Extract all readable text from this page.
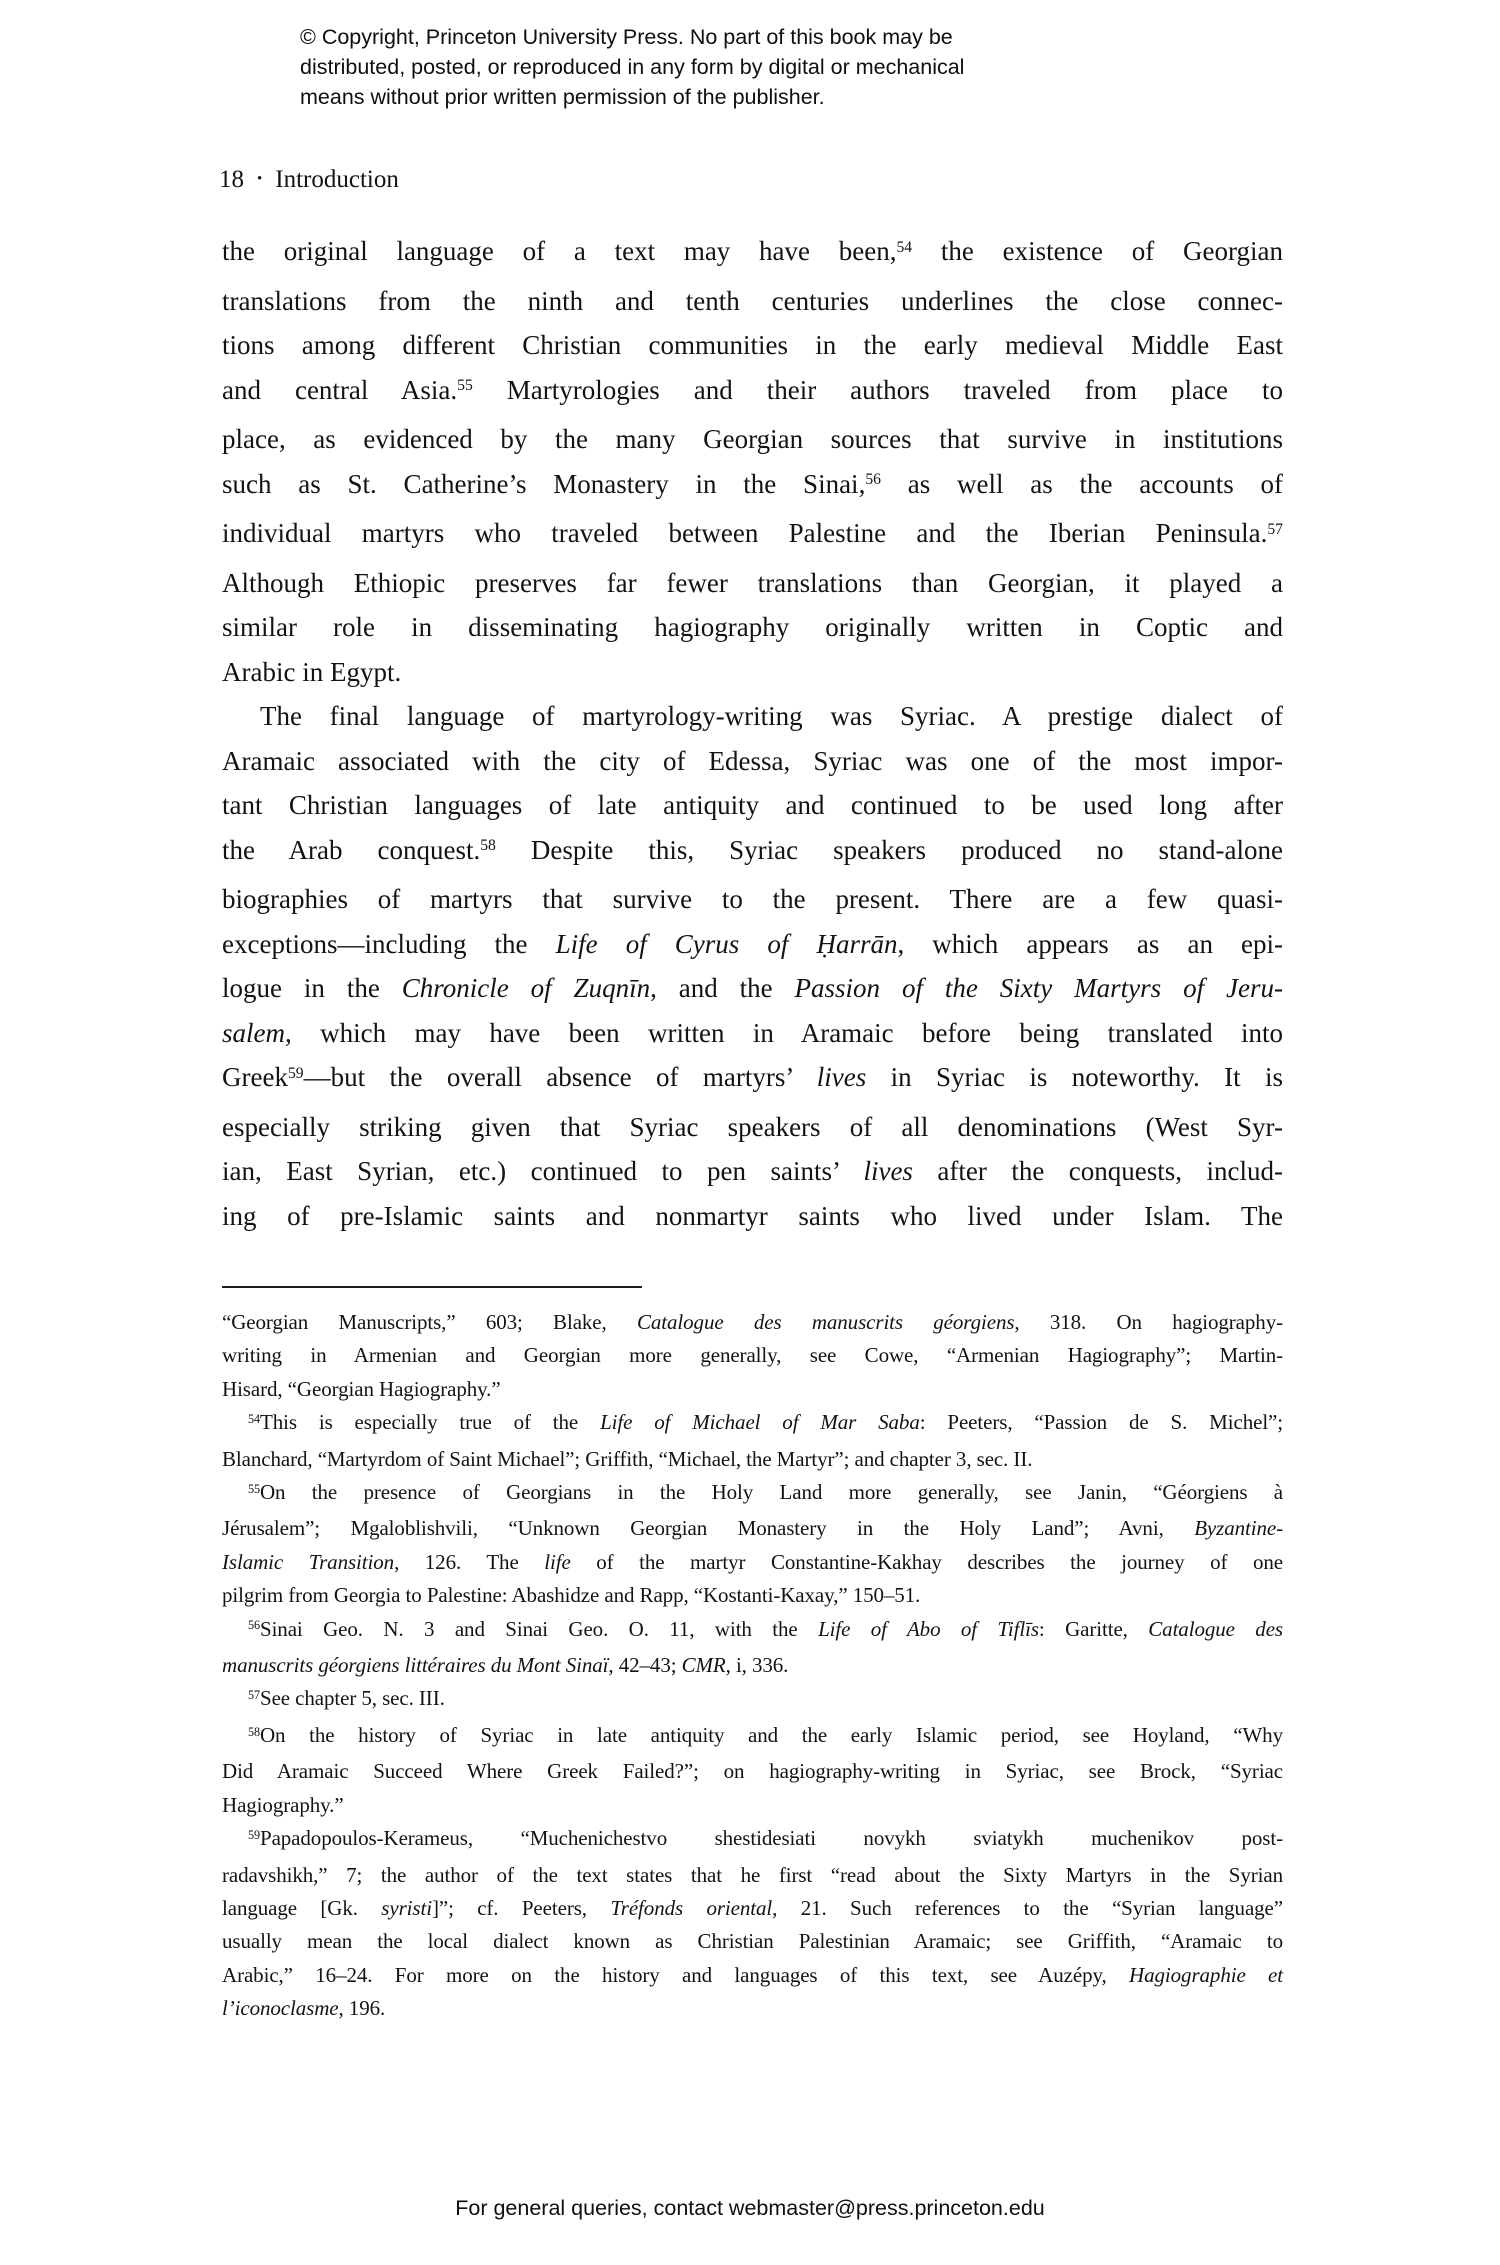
© Copyright, Princeton University Press. No part of this book may be
distributed, posted, or reproduced in any form by digital or mechanical
means without prior written permission of the publisher.
18 • Introduction
the original language of a text may have been,$^{54}$ the existence of Georgian
translations from the ninth and tenth centuries underlines the close connec-
tions among different Christian communities in the early medieval Middle East
and central Asia.$^{55}$ Martyrologies and their authors traveled from place to
place, as evidenced by the many Georgian sources that survive in institutions
such as St. Catherine’s Monastery in the Sinai,$^{56}$ as well as the accounts of
individual martyrs who traveled between Palestine and the Iberian Peninsula.$^{57}$
Although Ethiopic preserves far fewer translations than Georgian, it played a
similar role in disseminating hagiography originally written in Coptic and
Arabic in Egypt.
The final language of martyrology-writing was Syriac. A prestige dialect of
Aramaic associated with the city of Edessa, Syriac was one of the most impor-
tant Christian languages of late antiquity and continued to be used long after
the Arab conquest.$^{58}$ Despite this, Syriac speakers produced no stand-alone
biographies of martyrs that survive to the present. There are a few quasi-
exceptions—including the Life of Cyrus of Ḥarrān, which appears as an epi-
logue in the Chronicle of Zuqnīn, and the Passion of the Sixty Martyrs of Jeru-
salem, which may have been written in Aramaic before being translated into
Greek$^{59}$—but the overall absence of martyrs’ lives in Syriac is noteworthy. It is
especially striking given that Syriac speakers of all denominations (West Syr-
ian, East Syrian, etc.) continued to pen saints’ lives after the conquests, includ-
ing of pre-Islamic saints and nonmartyr saints who lived under Islam. The
“Georgian Manuscripts,” 603; Blake, Catalogue des manuscrits géorgiens, 318. On hagiography-
writing in Armenian and Georgian more generally, see Cowe, “Armenian Hagiography”; Martin-
Hisard, “Georgian Hagiography.”
$^{54}$This is especially true of the Life of Michael of Mar Saba: Peeters, “Passion de S. Michel”;
Blanchard, “Martyrdom of Saint Michael”; Griffith, “Michael, the Martyr”; and chapter 3, sec. II.
$^{55}$On the presence of Georgians in the Holy Land more generally, see Janin, “Géorgiens à
Jérusalem”; Mgaloblishvili, “Unknown Georgian Monastery in the Holy Land”; Avni, Byzantine-
Islamic Transition, 126. The life of the martyr Constantine-Kakhay describes the journey of one
pilgrim from Georgia to Palestine: Abashidze and Rapp, “Kostanti-Kaxay,” 150–51.
$^{56}$Sinai Geo. N. 3 and Sinai Geo. O. 11, with the Life of Abo of Tiflīs: Garitte, Catalogue des
manuscrits géorgiens littéraires du Mont Sinaï, 42–43; CMR, i, 336.
$^{57}$See chapter 5, sec. III.
$^{58}$On the history of Syriac in late antiquity and the early Islamic period, see Hoyland, “Why
Did Aramaic Succeed Where Greek Failed?”; on hagiography-writing in Syriac, see Brock, “Syriac
Hagiography.”
$^{59}$Papadopoulos-Kerameus, “Muchenichestvo shestidesiati novykh sviatykh muchenikov post-
radavshikh,” 7; the author of the text states that he first “read about the Sixty Martyrs in the Syrian
language [Gk. syristi]”; cf. Peeters, Tréfonds oriental, 21. Such references to the “Syrian language”
usually mean the local dialect known as Christian Palestinian Aramaic; see Griffith, “Aramaic to
Arabic,” 16–24. For more on the history and languages of this text, see Auzépy, Hagiographie et
l’iconoclasme, 196.
For general queries, contact webmaster@press.princeton.edu
